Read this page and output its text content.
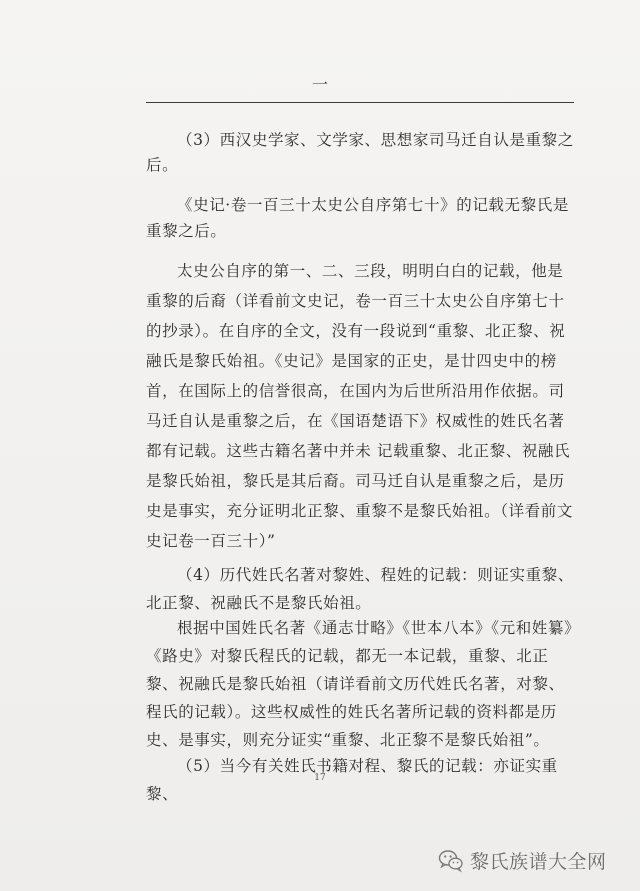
一
（3）西汉史学家、文学家、思想家司马迁自认是重黎之后。
《史记·卷一百三十太史公自序第七十》的记载无黎氏是重黎之后。
太史公自序的第一、二、三段，明明白白的记载，他是重黎的后裔（详看前文史记，卷一百三十太史公自序第七十的抄录）。在自序的全文，没有一段说到“重黎、北正黎、祝融氏是黎氏始祖。《史记》是国家的正史，是廿四史中的榜首，在国际上的信誉很高，在国内为后世所沿用作依据。司马迁自认是重黎之后，在《国语楚语下》权威性的姓氏名著都有记载。这些古籍名著中并未 记载重黎、北正黎、祝融氏是黎氏始祖，黎氏是其后裔。司马迁自认是重黎之后，是历史是事实，充分证明北正黎、重黎不是黎氏始祖。（详看前文史记卷一百三十）”
（4）历代姓氏名著对黎姓、程姓的记载：则证实重黎、北正黎、祝融氏不是黎氏始祖。
根据中国姓氏名著《通志廿略》《世本八本》《元和姓纂》《路史》对黎氏程氏的记载，都无一本记载，重黎、北正黎、祝融氏是黎氏始祖（请详看前文历代姓氏名著，对黎、程氏的记载）。这些权威性的姓氏名著所记载的资料都是历史、是事实，则充分证实“重黎、北正黎不是黎氏始祖”。
（5）当今有关姓氏书籍对程、黎氏的记载：亦证实重黎、
17
黎氏族谱大全网
